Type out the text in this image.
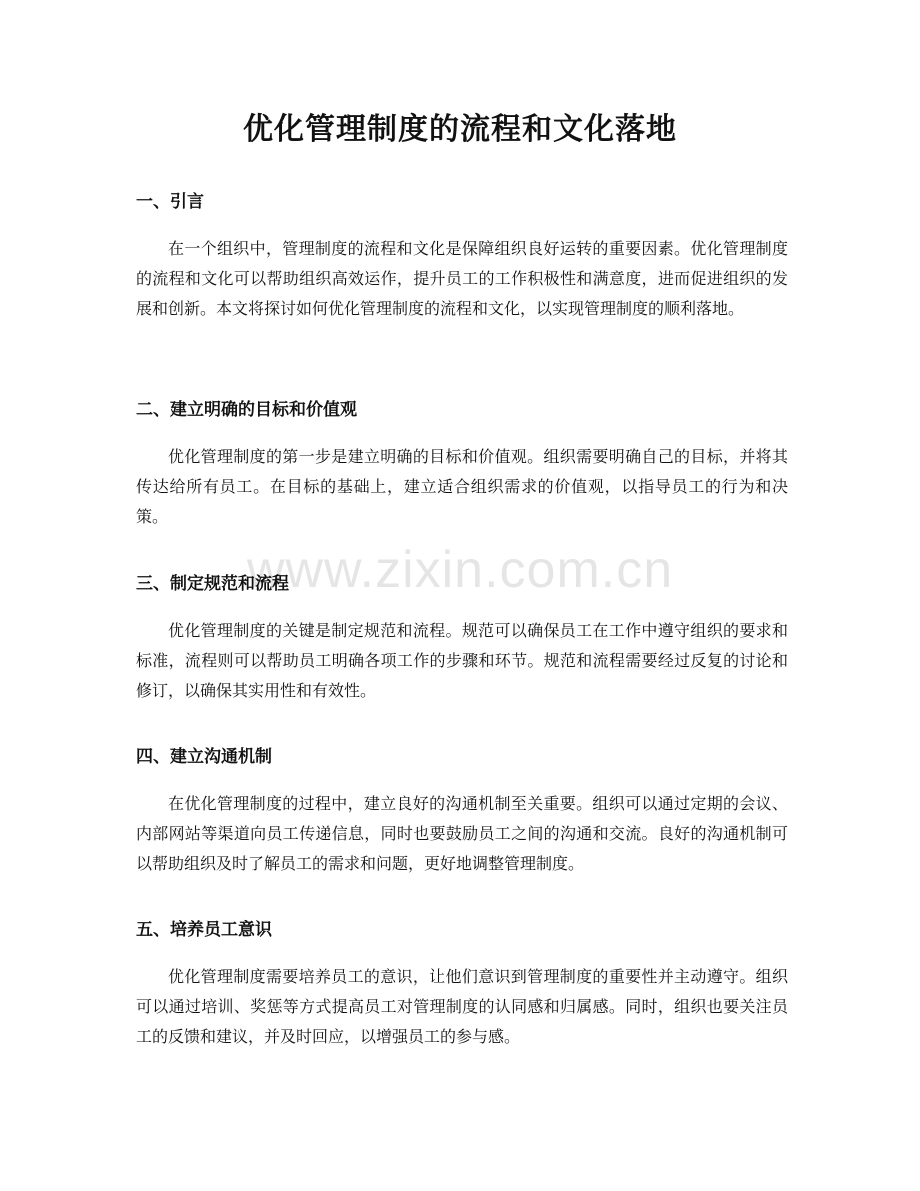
优化管理制度的流程和文化落地
一、引言

在一个组织中，管理制度的流程和文化是保障组织良好运转的重要因素。优化管理制度的流程和文化可以帮助组织高效运作，提升员工的工作积极性和满意度，进而促进组织的发展和创新。本文将探讨如何优化管理制度的流程和文化，以实现管理制度的顺利落地。

二、建立明确的目标和价值观

优化管理制度的第一步是建立明确的目标和价值观。组织需要明确自己的目标，并将其传达给所有员工。在目标的基础上，建立适合组织需求的价值观，以指导员工的行为和决策。

三、制定规范和流程

优化管理制度的关键是制定规范和流程。规范可以确保员工在工作中遵守组织的要求和标准，流程则可以帮助员工明确各项工作的步骤和环节。规范和流程需要经过反复的讨论和修订，以确保其实用性和有效性。

四、建立沟通机制

在优化管理制度的过程中，建立良好的沟通机制至关重要。组织可以通过定期的会议、内部网站等渠道向员工传递信息，同时也要鼓励员工之间的沟通和交流。良好的沟通机制可以帮助组织及时了解员工的需求和问题，更好地调整管理制度。

五、培养员工意识

优化管理制度需要培养员工的意识，让他们意识到管理制度的重要性并主动遵守。组织可以通过培训、奖惩等方式提高员工对管理制度的认同感和归属感。同时，组织也要关注员工的反馈和建议，并及时回应，以增强员工的参与感。

www.zixin.com.cn
